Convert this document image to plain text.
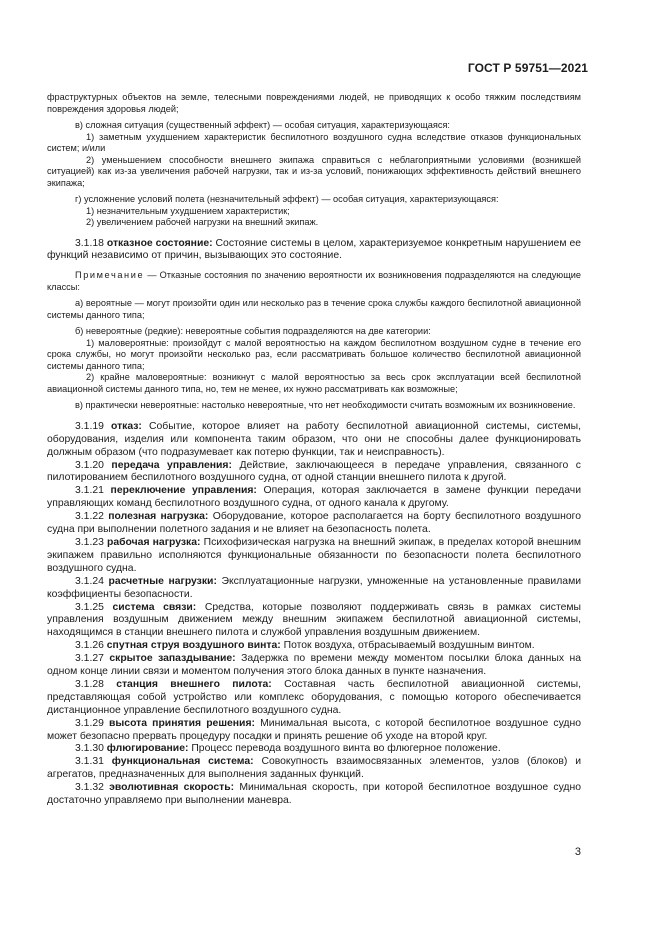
ГОСТ Р 59751—2021

фраструктурных объектов на земле, телесными повреждениями людей, не приводящих к особо тяжким последствиям повреждения здоровья людей;

в) сложная ситуация (существенный эффект) — особая ситуация, характеризующаяся:

1) заметным ухудшением характеристик беспилотного воздушного судна вследствие отказов функциональных систем; и/или

2) уменьшением способности внешнего экипажа справиться с неблагоприятными условиями (возникшей ситуацией) как из-за увеличения рабочей нагрузки, так и из-за условий, понижающих эффективность действий внешнего экипажа;

г) усложнение условий полета (незначительный эффект) — особая ситуация, характеризующаяся:

1) незначительным ухудшением характеристик;

2) увеличением рабочей нагрузки на внешний экипаж.

3.1.18 отказное состояние: Состояние системы в целом, характеризуемое конкретным нарушением ее функций независимо от причин, вызывающих это состояние.

Примечание — Отказные состояния по значению вероятности их возникновения подразделяются на следующие классы:

а) вероятные — могут произойти один или несколько раз в течение срока службы каждого беспилотной авиационной системы данного типа;

б) невероятные (редкие): невероятные события подразделяются на две категории:

1) маловероятные: произойдут с малой вероятностью на каждом беспилотном воздушном судне в течение его срока службы, но могут произойти несколько раз, если рассматривать большое количество беспилотной авиационной системы данного типа;

2) крайне маловероятные: возникнут с малой вероятностью за весь срок эксплуатации всей беспилотной авиационной системы данного типа, но, тем не менее, их нужно рассматривать как возможные;

в) практически невероятные: настолько невероятные, что нет необходимости считать возможным их возникновение.

3.1.19 отказ: Событие, которое влияет на работу беспилотной авиационной системы, системы, оборудования, изделия или компонента таким образом, что они не способны далее функционировать должным образом (что подразумевает как потерю функции, так и неисправность).

3.1.20 передача управления: Действие, заключающееся в передаче управления, связанного с пилотированием беспилотного воздушного судна, от одной станции внешнего пилота к другой.

3.1.21 переключение управления: Операция, которая заключается в замене функции передачи управляющих команд беспилотного воздушного судна, от одного канала к другому.

3.1.22 полезная нагрузка: Оборудование, которое располагается на борту беспилотного воздушного судна при выполнении полетного задания и не влияет на безопасность полета.

3.1.23 рабочая нагрузка: Психофизическая нагрузка на внешний экипаж, в пределах которой внешним экипажем правильно исполняются функциональные обязанности по безопасности полета беспилотного воздушного судна.

3.1.24 расчетные нагрузки: Эксплуатационные нагрузки, умноженные на установленные правилами коэффициенты безопасности.

3.1.25 система связи: Средства, которые позволяют поддерживать связь в рамках системы управления воздушным движением между внешним экипажем беспилотной авиационной системы, находящимся в станции внешнего пилота и службой управления воздушным движением.

3.1.26 спутная струя воздушного винта: Поток воздуха, отбрасываемый воздушным винтом.

3.1.27 скрытое запаздывание: Задержка по времени между моментом посылки блока данных на одном конце линии связи и моментом получения этого блока данных в пункте назначения.

3.1.28 станция внешнего пилота: Составная часть беспилотной авиационной системы, представляющая собой устройство или комплекс оборудования, с помощью которого обеспечивается дистанционное управление беспилотного воздушного судна.

3.1.29 высота принятия решения: Минимальная высота, с которой беспилотное воздушное судно может безопасно прервать процедуру посадки и принять решение об уходе на второй круг.

3.1.30 флюгирование: Процесс перевода воздушного винта во флюгерное положение.

3.1.31 функциональная система: Совокупность взаимосвязанных элементов, узлов (блоков) и агрегатов, предназначенных для выполнения заданных функций.

3.1.32 эволютивная скорость: Минимальная скорость, при которой беспилотное воздушное судно достаточно управляемо при выполнении маневра.

3
